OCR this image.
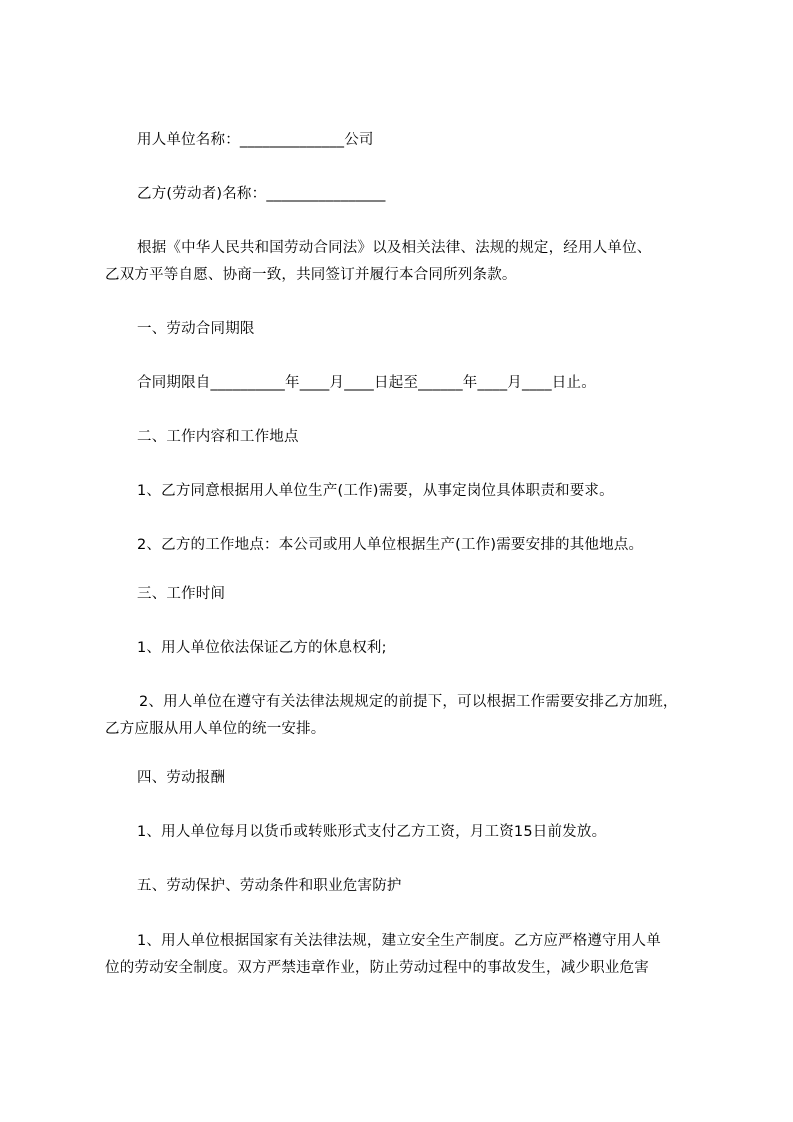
用人单位名称：______________公司

乙方(劳动者)名称：________________

根据《中华人民共和国劳动合同法》以及相关法律、法规的规定，经用人单位、

乙双方平等自愿、协商一致，共同签订并履行本合同所列条款。

一、劳动合同期限

合同期限自__________年____月____日起至______年____月____日止。

二、工作内容和工作地点

1、乙方同意根据用人单位生产(工作)需要，从事定岗位具体职责和要求。

2、乙方的工作地点：本公司或用人单位根据生产(工作)需要安排的其他地点。

三、工作时间

1、用人单位依法保证乙方的休息权利;

2、用人单位在遵守有关法律法规规定的前提下，可以根据工作需要安排乙方加班，

乙方应服从用人单位的统一安排。

四、劳动报酬

1、用人单位每月以货币或转账形式支付乙方工资，月工资15日前发放。

五、劳动保护、劳动条件和职业危害防护

1、用人单位根据国家有关法律法规，建立安全生产制度。乙方应严格遵守用人单

位的劳动安全制度。双方严禁违章作业，防止劳动过程中的事故发生，减少职业危害
